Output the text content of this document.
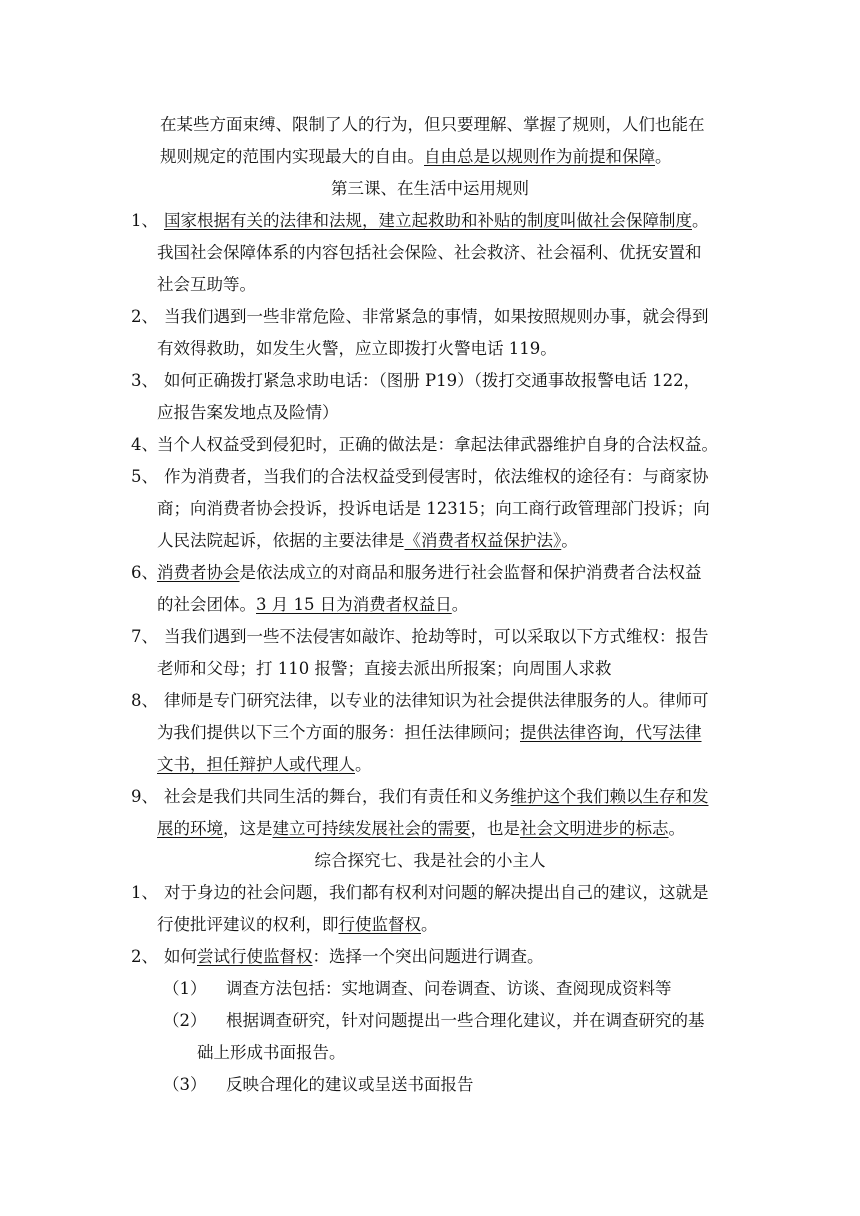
在某些方面束缚、限制了人的行为，但只要理解、掌握了规则，人们也能在

规则规定的范围内实现最大的自由。自由总是以规则作为前提和保障。

第三课、在生活中运用规则

1、 国家根据有关的法律和法规，建立起救助和补贴的制度叫做社会保障制度。

我国社会保障体系的内容包括社会保险、社会救济、社会福利、优抚安置和

社会互助等。

2、 当我们遇到一些非常危险、非常紧急的事情，如果按照规则办事，就会得到

有效得救助，如发生火警，应立即拨打火警电话 119。

3、 如何正确拨打紧急求助电话：（图册 P19）（拨打交通事故报警电话 122，

应报告案发地点及险情）

4、 当个人权益受到侵犯时，正确的做法是：拿起法律武器维护自身的合法权益。

5、 作为消费者，当我们的合法权益受到侵害时，依法维权的途径有：与商家协

商；向消费者协会投诉，投诉电话是 12315；向工商行政管理部门投诉；向

人民法院起诉，依据的主要法律是《消费者权益保护法》。

6、 消费者协会是依法成立的对商品和服务进行社会监督和保护消费者合法权益

的社会团体。3 月 15 日为消费者权益日。

7、 当我们遇到一些不法侵害如敲诈、抢劫等时，可以采取以下方式维权：报告

老师和父母；打 110 报警；直接去派出所报案；向周围人求救

8、 律师是专门研究法律，以专业的法律知识为社会提供法律服务的人。律师可

为我们提供以下三个方面的服务：担任法律顾问；提供法律咨询，代写法律

文书，担任辩护人或代理人。

9、 社会是我们共同生活的舞台，我们有责任和义务维护这个我们赖以生存和发

展的环境，这是建立可持续发展社会的需要，也是社会文明进步的标志。

综合探究七、我是社会的小主人

1、 对于身边的社会问题，我们都有权利对问题的解决提出自己的建议，这就是

行使批评建议的权利，即行使监督权。

2、 如何尝试行使监督权：选择一个突出问题进行调查。

（1） 调查方法包括：实地调查、问卷调查、访谈、查阅现成资料等

（2） 根据调查研究，针对问题提出一些合理化建议，并在调查研究的基

础上形成书面报告。

（3） 反映合理化的建议或呈送书面报告
